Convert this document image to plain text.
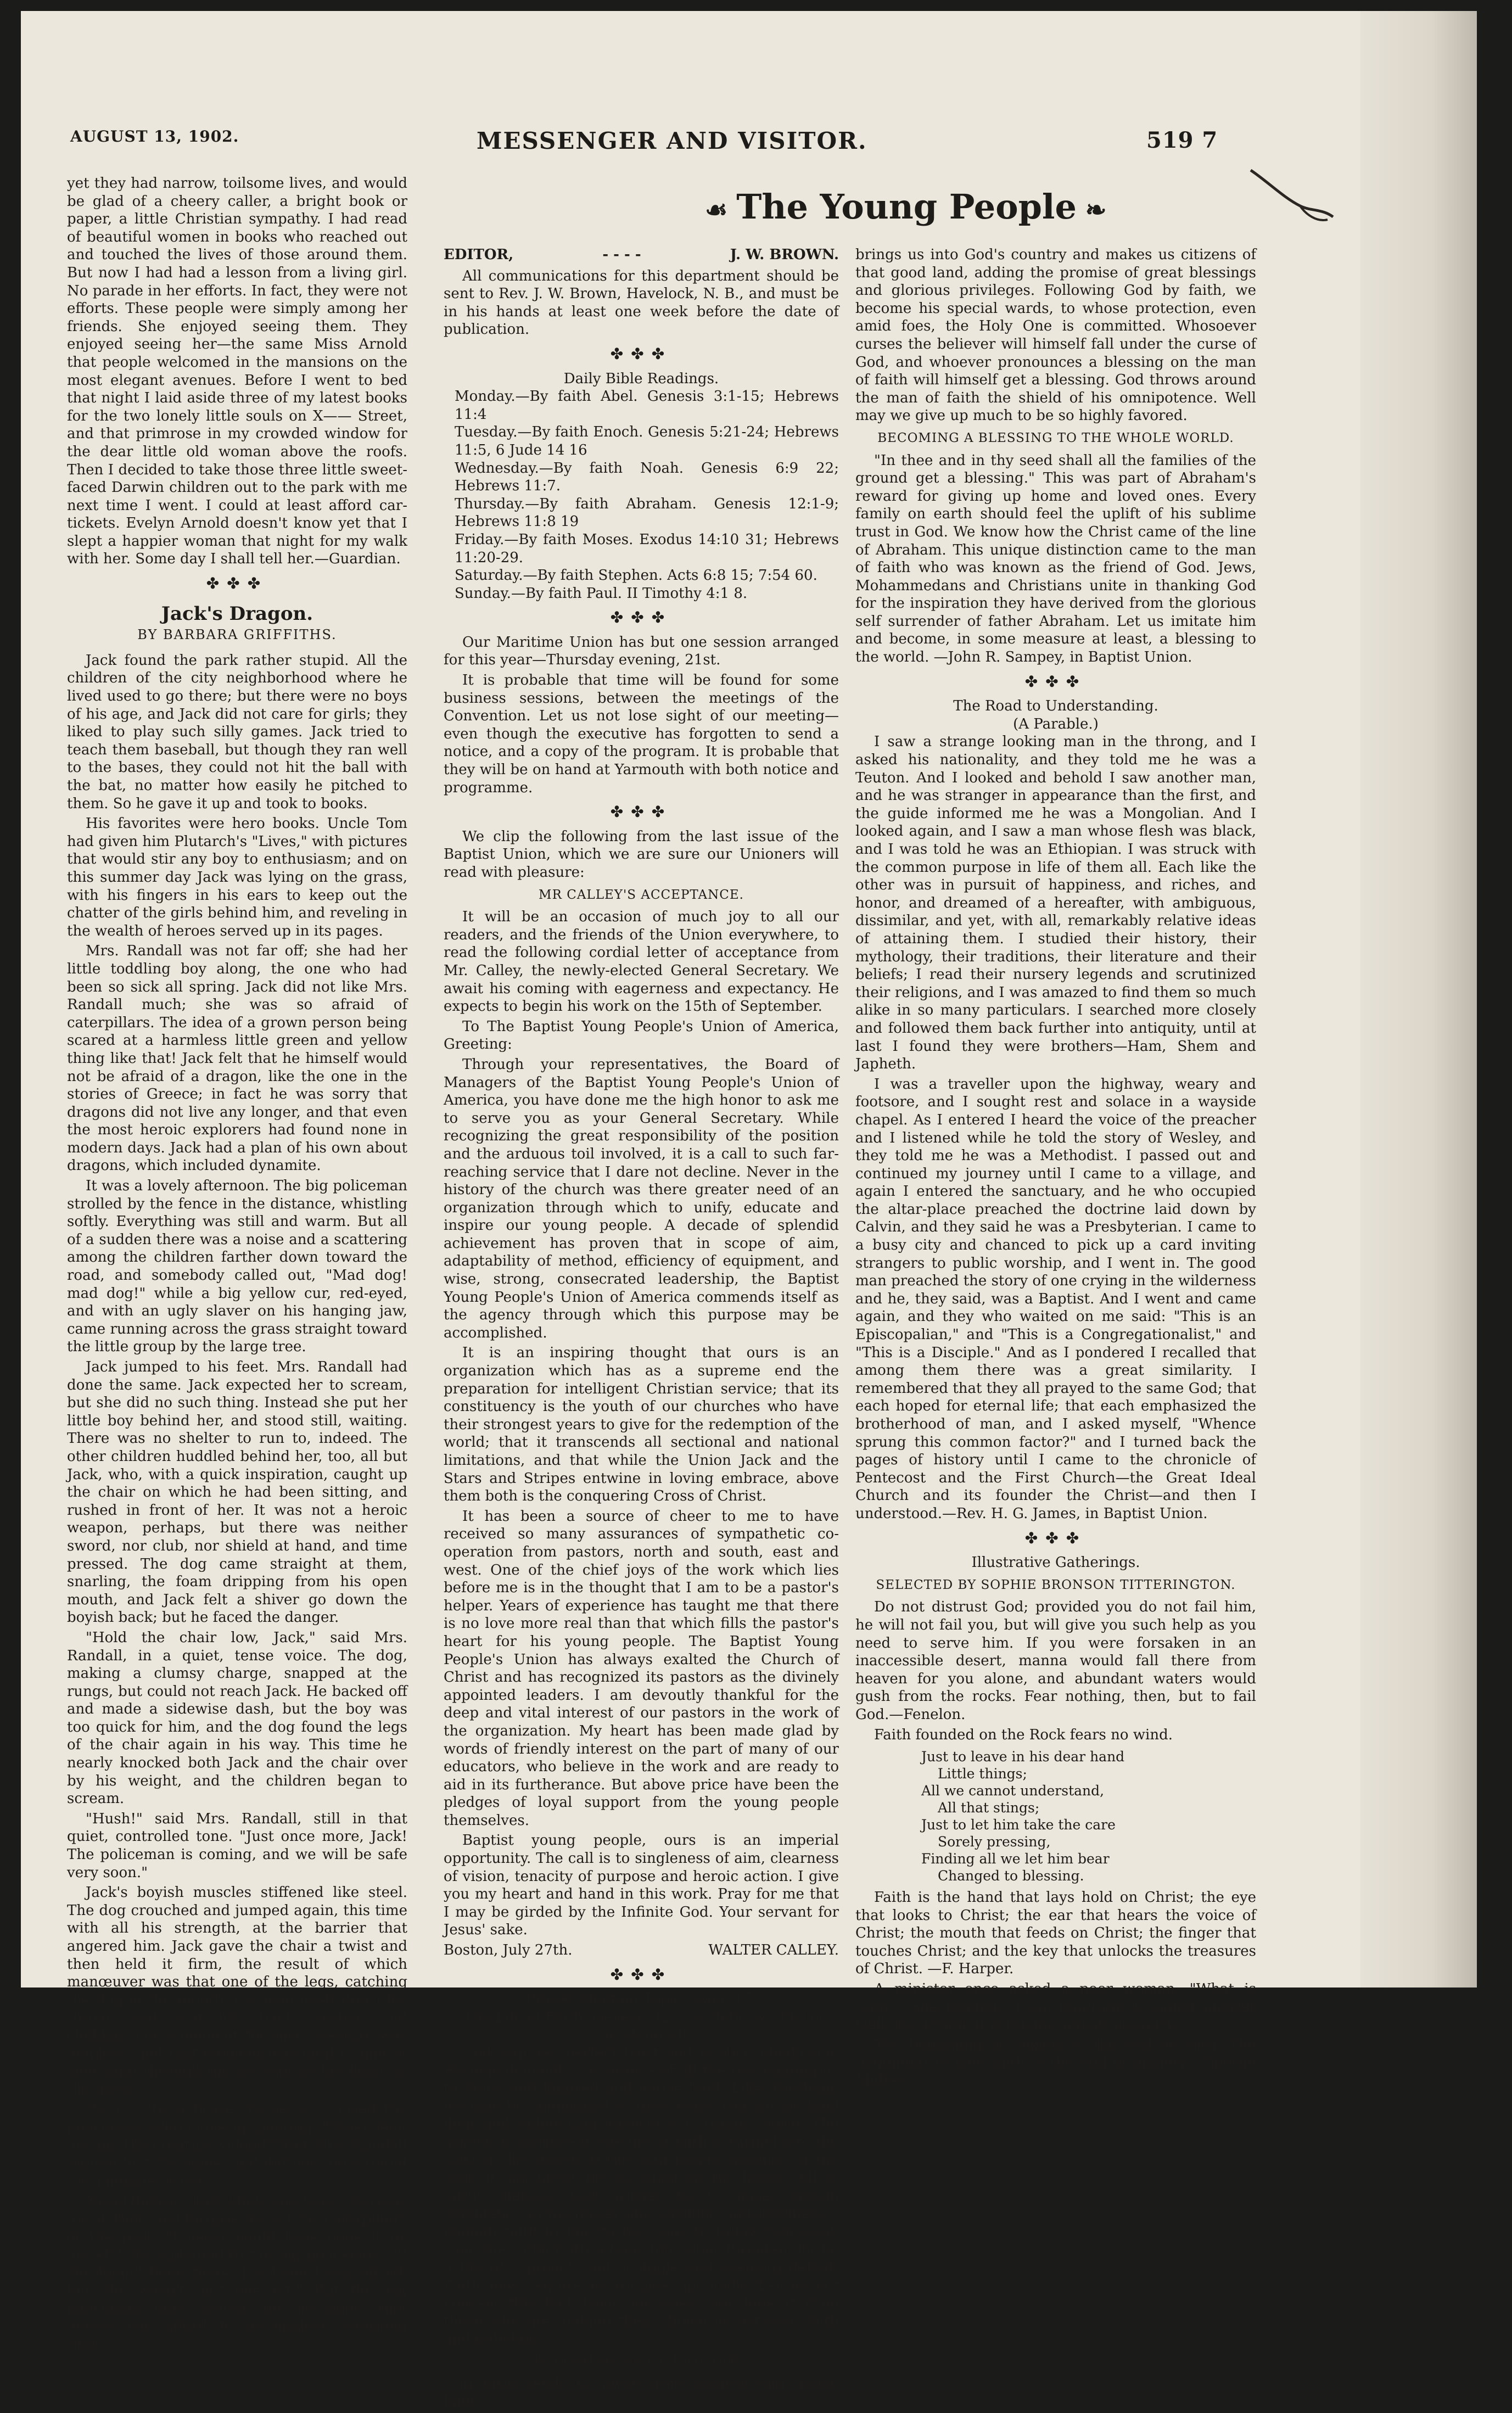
AUGUST 13, 1902.	MESSENGER AND VISITOR.	519 7
☙ The Young People ❧

yet they had narrow, toilsome lives, and would be glad of a cheery caller, a bright book or paper, a little Christian sympathy. I had read of beautiful women in books who reached out and touched the lives of those around them. But now I had had a lesson from a living girl. No parade in her efforts. In fact, they were not efforts. These people were simply among her friends. She enjoyed seeing them. They enjoyed seeing her—the same Miss Arnold that people welcomed in the mansions on the most elegant avenues. Before I went to bed that night I laid aside three of my latest books for the two lonely little souls on X—— Street, and that primrose in my crowded window for the dear little old woman above the roofs. Then I decided to take those three little sweet-faced Darwin children out to the park with me next time I went. I could at least afford car-tickets. Evelyn Arnold doesn't know yet that I slept a happier woman that night for my walk with her. Some day I shall tell her.—Guardian.

✤✤✤
Jack's Dragon.
BY BARBARA GRIFFITHS.

Jack found the park rather stupid. All the children of the city neighborhood where he lived used to go there; but there were no boys of his age, and Jack did not care for girls; they liked to play such silly games. Jack tried to teach them baseball, but though they ran well to the bases, they could not hit the ball with the bat, no matter how easily he pitched to them. So he gave it up and took to books.

His favorites were hero books. Uncle Tom had given him Plutarch's "Lives," with pictures that would stir any boy to enthusiasm; and on this summer day Jack was lying on the grass, with his fingers in his ears to keep out the chatter of the girls behind him, and reveling in the wealth of heroes served up in its pages.

Mrs. Randall was not far off; she had her little toddling boy along, the one who had been so sick all spring. Jack did not like Mrs. Randall much; she was so afraid of caterpillars. The idea of a grown person being scared at a harmless little green and yellow thing like that! Jack felt that he himself would not be afraid of a dragon, like the one in the stories of Greece; in fact he was sorry that dragons did not live any longer, and that even the most heroic explorers had found none in modern days. Jack had a plan of his own about dragons, which included dynamite.

It was a lovely afternoon. The big policeman strolled by the fence in the distance, whistling softly. Everything was still and warm. But all of a sudden there was a noise and a scattering among the children farther down toward the road, and somebody called out, "Mad dog! mad dog!" while a big yellow cur, red-eyed, and with an ugly slaver on his hanging jaw, came running across the grass straight toward the little group by the large tree.

Jack jumped to his feet. Mrs. Randall had done the same. Jack expected her to scream, but she did no such thing. Instead she put her little boy behind her, and stood still, waiting. There was no shelter to run to, indeed. The other children huddled behind her, too, all but Jack, who, with a quick inspiration, caught up the chair on which he had been sitting, and rushed in front of her. It was not a heroic weapon, perhaps, but there was neither sword, nor club, nor shield at hand, and time pressed. The dog came straight at them, snarling, the foam dripping from his open mouth, and Jack felt a shiver go down the boyish back; but he faced the danger.

"Hold the chair low, Jack," said Mrs. Randall, in a quiet, tense voice. The dog, making a clumsy charge, snapped at the rungs, but could not reach Jack. He backed off and made a sidewise dash, but the boy was too quick for him, and the dog found the legs of the chair again in his way. This time he nearly knocked both Jack and the chair over by his weight, and the children began to scream.

"Hush!" said Mrs. Randall, still in that quiet, controlled tone. "Just once more, Jack! The policeman is coming, and we will be safe very soon."

Jack's boyish muscles stiffened like steel. The dog crouched and jumped again, this time with all his strength, at the barrier that angered him. Jack gave the chair a twist and then held it firm, the result of which manœuver was that one of the legs, catching the dog in the mouth, rammed itself down his throat, and sent him back howling and choking. For a moment the mad creature was helpless, and that moment was fatal to him. A shot rang through the air, and he lay dead on the grass.

"Shure, 'tis a brave b'y ye are!" cried the policeman, who came up panting. "Niver fear, ma'am, the creature's dead!" But Mrs. Randall fainted just the same, and did not come round for a minute or two.

Nevertheless, Jack knew she was a heroine for all that, and forgave her all the caterpillars of the past. "I never could have done it by myself," he explained to the big policeman, "if she hadn't been there. I tell you I was afraid, but she wasn't, not one bit." But the big policeman only smiled, for he knew that heroes can afford to be modest.—Morning Star.

EDITOR,	- - - -	J. W. BROWN.

All communications for this department should be sent to Rev. J. W. Brown, Havelock, N. B., and must be in his hands at least one week before the date of publication.

✤✤✤
Daily Bible Readings.

Monday.—By faith Abel. Genesis 3:1-15; Hebrews 11:4

Tuesday.—By faith Enoch. Genesis 5:21-24; Hebrews 11:5, 6 Jude 14 16

Wednesday.—By faith Noah. Genesis 6:9 22; Hebrews 11:7.

Thursday.—By faith Abraham. Genesis 12:1-9; Hebrews 11:8 19

Friday.—By faith Moses. Exodus 14:10 31; Hebrews 11:20-29.

Saturday.—By faith Stephen. Acts 6:8 15; 7:54 60.

Sunday.—By faith Paul. II Timothy 4:1 8.

✤✤✤

Our Maritime Union has but one session arranged for this year—Thursday evening, 21st.

It is probable that time will be found for some business sessions, between the meetings of the Convention. Let us not lose sight of our meeting—even though the executive has forgotten to send a notice, and a copy of the program. It is probable that they will be on hand at Yarmouth with both notice and programme.

✤✤✤

We clip the following from the last issue of the Baptist Union, which we are sure our Unioners will read with pleasure:

MR CALLEY'S ACCEPTANCE.

It will be an occasion of much joy to all our readers, and the friends of the Union everywhere, to read the following cordial letter of acceptance from Mr. Calley, the newly-elected General Secretary. We await his coming with eagerness and expectancy. He expects to begin his work on the 15th of September.

To The Baptist Young People's Union of America, Greeting:

Through your representatives, the Board of Managers of the Baptist Young People's Union of America, you have done me the high honor to ask me to serve you as your General Secretary. While recognizing the great responsibility of the position and the arduous toil involved, it is a call to such far-reaching service that I dare not decline. Never in the history of the church was there greater need of an organization through which to unify, educate and inspire our young people. A decade of splendid achievement has proven that in scope of aim, adaptability of method, efficiency of equipment, and wise, strong, consecrated leadership, the Baptist Young People's Union of America commends itself as the agency through which this purpose may be accomplished.

It is an inspiring thought that ours is an organization which has as a supreme end the preparation for intelligent Christian service; that its constituency is the youth of our churches who have their strongest years to give for the redemption of the world; that it transcends all sectional and national limitations, and that while the Union Jack and the Stars and Stripes entwine in loving embrace, above them both is the conquering Cross of Christ.

It has been a source of cheer to me to have received so many assurances of sympathetic co-operation from pastors, north and south, east and west. One of the chief joys of the work which lies before me is in the thought that I am to be a pastor's helper. Years of experience has taught me that there is no love more real than that which fills the pastor's heart for his young people. The Baptist Young People's Union has always exalted the Church of Christ and has recognized its pastors as the divinely appointed leaders. I am devoutly thankful for the deep and vital interest of our pastors in the work of the organization. My heart has been made glad by words of friendly interest on the part of many of our educators, who believe in the work and are ready to aid in its furtherance. But above price have been the pledges of loyal support from the young people themselves.

Baptist young people, ours is an imperial opportunity. The call is to singleness of aim, clearness of vision, tenacity of purpose and heroic action. I give you my heart and hand in this work. Pray for me that I may be girded by the Infinite God. Your servant for Jesus' sake.

Boston, July 27th.	WALTER CALLEY.
✤✤✤
Prayer Meeting Topic—Aug. 17.
The Life of Faith. Genesis 12:1-5; Hebrews 11:16
Forsaking All.

God requires perfect trust and implicit obedience. He may demand a severance of all the ties binding us to home and kindred and native land. Like Abraham, we may be summoned to turn away from all we hold dear and follow God forth into a strange world. The aspect of sacrifice in the life of faith is turned into the soul at the outset. If the soul falters because of the cost, it can never be inscribed on the honor roll of faith's heroes. God wishes us to have enough confidence in his power and wisdom, and goodness—enough faith in him to be ready to follow him away from life's chief attractions into what threatens to be a life of reproach and struggle and seeming defeat. Faith may require us to give up much. Let us not conceal this fact from ourselves, nor hide it from those who are making their choice as between faith and unbelief.

BECOMING AN HEIR OF GOD.

If faith sends us away from kindred and native land, it

brings us into God's country and makes us citizens of that good land, adding the promise of great blessings and glorious privileges. Following God by faith, we become his special wards, to whose protection, even amid foes, the Holy One is committed. Whosoever curses the believer will himself fall under the curse of God, and whoever pronounces a blessing on the man of faith will himself get a blessing. God throws around the man of faith the shield of his omnipotence. Well may we give up much to be so highly favored.

BECOMING A BLESSING TO THE WHOLE WORLD.

"In thee and in thy seed shall all the families of the ground get a blessing." This was part of Abraham's reward for giving up home and loved ones. Every family on earth should feel the uplift of his sublime trust in God. We know how the Christ came of the line of Abraham. This unique distinction came to the man of faith who was known as the friend of God. Jews, Mohammedans and Christians unite in thanking God for the inspiration they have derived from the glorious self surrender of father Abraham. Let us imitate him and become, in some measure at least, a blessing to the world. —John R. Sampey, in Baptist Union.

✤✤✤
The Road to Understanding.
(A Parable.)

I saw a strange looking man in the throng, and I asked his nationality, and they told me he was a Teuton. And I looked and behold I saw another man, and he was stranger in appearance than the first, and the guide informed me he was a Mongolian. And I looked again, and I saw a man whose flesh was black, and I was told he was an Ethiopian. I was struck with the common purpose in life of them all. Each like the other was in pursuit of happiness, and riches, and honor, and dreamed of a hereafter, with ambiguous, dissimilar, and yet, with all, remarkably relative ideas of attaining them. I studied their history, their mythology, their traditions, their literature and their beliefs; I read their nursery legends and scrutinized their religions, and I was amazed to find them so much alike in so many particulars. I searched more closely and followed them back further into antiquity, until at last I found they were brothers—Ham, Shem and Japheth.

I was a traveller upon the highway, weary and footsore, and I sought rest and solace in a wayside chapel. As I entered I heard the voice of the preacher and I listened while he told the story of Wesley, and they told me he was a Methodist. I passed out and continued my journey until I came to a village, and again I entered the sanctuary, and he who occupied the altar-place preached the doctrine laid down by Calvin, and they said he was a Presbyterian. I came to a busy city and chanced to pick up a card inviting strangers to public worship, and I went in. The good man preached the story of one crying in the wilderness and he, they said, was a Baptist. And I went and came again, and they who waited on me said: "This is an Episcopalian," and "This is a Congregationalist," and "This is a Disciple." And as I pondered I recalled that among them there was a great similarity. I remembered that they all prayed to the same God; that each hoped for eternal life; that each emphasized the brotherhood of man, and I asked myself, "Whence sprung this common factor?" and I turned back the pages of history until I came to the chronicle of Pentecost and the First Church—the Great Ideal Church and its founder the Christ—and then I understood.—Rev. H. G. James, in Baptist Union.

✤✤✤
Illustrative Gatherings.
SELECTED BY SOPHIE BRONSON TITTERINGTON.

Do not distrust God; provided you do not fail him, he will not fail you, but will give you such help as you need to serve him. If you were forsaken in an inaccessible desert, manna would fall there from heaven for you alone, and abundant waters would gush from the rocks. Fear nothing, then, but to fail God.—Fenelon.

Faith founded on the Rock fears no wind.

Just to leave in his dear hand
Little things;
All we cannot understand,
All that stings;
Just to let him take the care
Sorely pressing,
Finding all we let him bear
Changed to blessing.

Faith is the hand that lays hold on Christ; the eye that looks to Christ; the ear that hears the voice of Christ; the mouth that feeds on Christ; the finger that touches Christ; and the key that unlocks the treasures of Christ. —F. Harper.

A minister once asked a poor woman, "What is faith?" She replied, "I am ignorant, I cannot answer well, but I think it is taking God at his word."

The beginning of anxiety is the end of faith. The beginning of true faith is the end of anxiety.—George Muller.
